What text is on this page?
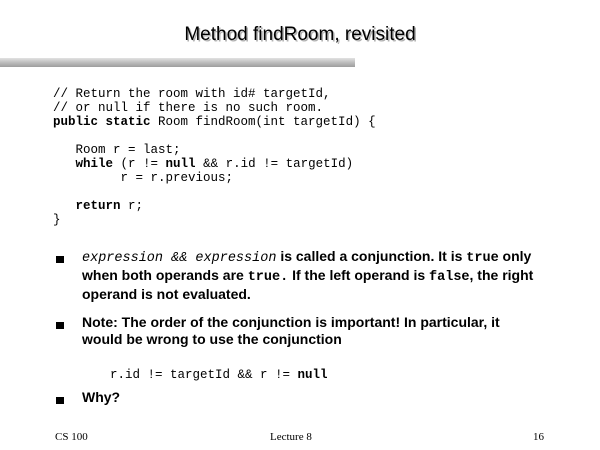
Method findRoom, revisited
// Return the room with id# targetId,
// or null if there is no such room.
public static Room findRoom(int targetId) {

Room r = last;
while (r != null && r.id != targetId)
r = r.previous;

return r;
}
expression && expression is called a conjunction. It is true only when both operands are true. If the left operand is false, the right operand is not evaluated.
Note: The order of the conjunction is important! In particular, it would be wrong to use the conjunction
r.id != targetId && r != null
Why?
CS 100	Lecture 8	16
